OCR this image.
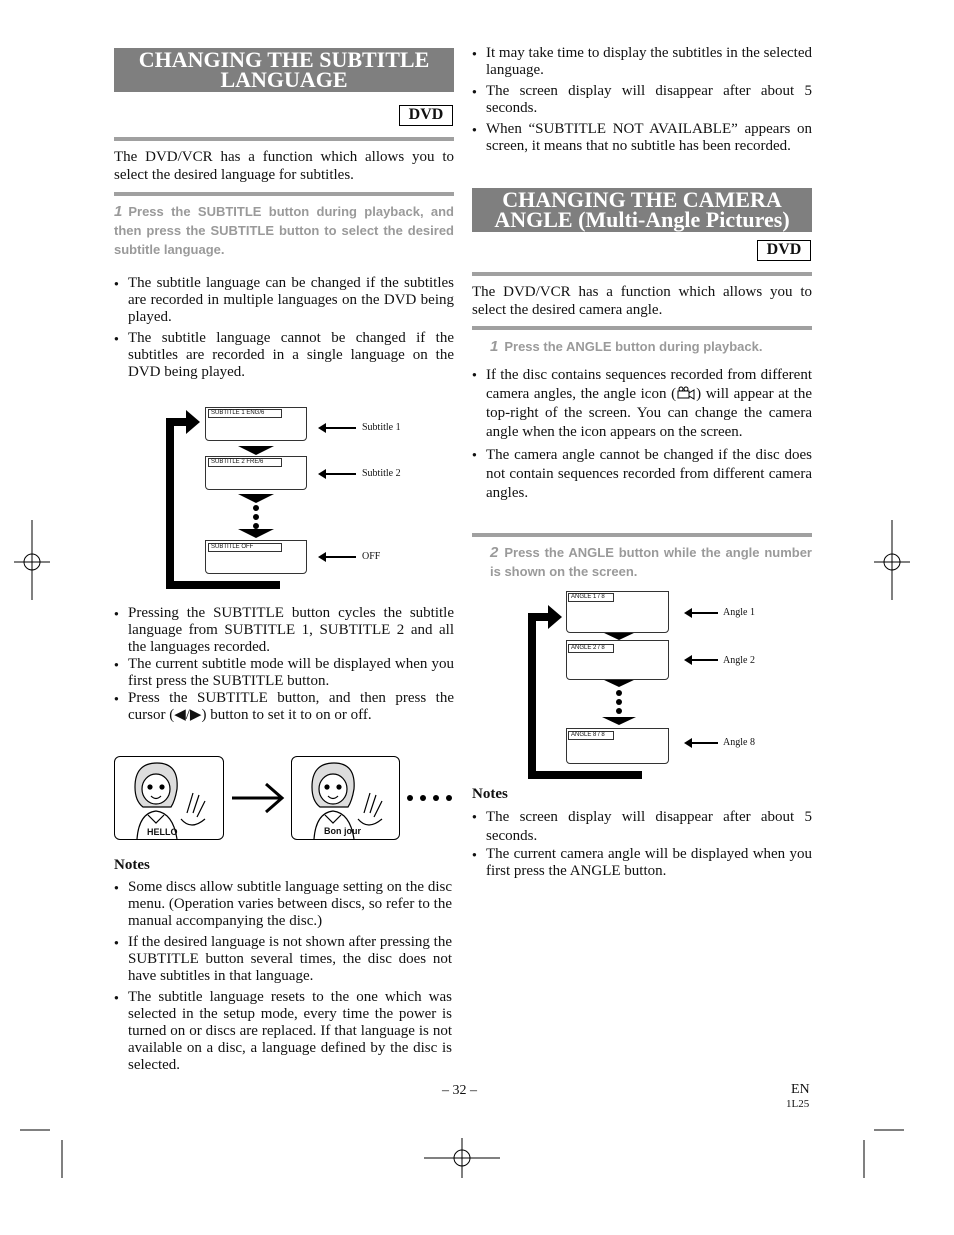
CHANGING THE SUBTITLE
LANGUAGE
DVD
The DVD/VCR has a function which allows you to select the desired language for subtitles.
1 Press the SUBTITLE button during playback, and then press the SUBTITLE button to select the desired subtitle language.
● The subtitle language can be changed if the subtitles are recorded in multiple languages on the DVD being played.
● The subtitle language cannot be changed if the subtitles are recorded in a single language on the DVD being played.
SUBTITLE 1 ENG/6
SUBTITLE 2 FRE/6
SUBTITLE OFF
Subtitle 1
Subtitle 2
OFF
● Pressing the SUBTITLE button cycles the subtitle language from SUBTITLE 1, SUBTITLE 2 and all the languages recorded.
● The current subtitle mode will be displayed when you first press the SUBTITLE button.
● Press the SUBTITLE button, and then press the cursor (◀/▶) button to set it to on or off.
HELLO	Bon jour
Notes
● Some discs allow subtitle language setting on the disc menu. (Operation varies between discs, so refer to the manual accompanying the disc.)
● If the desired language is not shown after pressing the SUBTITLE button several times, the disc does not have subtitles in that language.
● The subtitle language resets to the one which was selected in the setup mode, every time the power is turned on or discs are replaced. If that language is not available on a disc, a language defined by the disc is selected.
● It may take time to display the subtitles in the selected language.
● The screen display will disappear after about 5 seconds.
● When “SUBTITLE NOT AVAILABLE” appears on screen, it means that no subtitle has been recorded.
CHANGING THE CAMERA
ANGLE (Multi-Angle Pictures)
DVD
The DVD/VCR has a function which allows you to select the desired camera angle.
1 Press the ANGLE button during playback.
● If the disc contains sequences recorded from different camera angles, the angle icon ( ) will appear at the top-right of the screen. You can change the camera angle when the icon appears on the screen.
● The camera angle cannot be changed if the disc does not contain sequences recorded from different camera angles.
2 Press the ANGLE button while the angle number is shown on the screen.
ANGLE 1 / 8
ANGLE 2 / 8
ANGLE 8 / 8
Angle 1
Angle 2
Angle 8
Notes
● The screen display will disappear after about 5 seconds.
● The current camera angle will be displayed when you first press the ANGLE button.
– 32 –	EN
1L25
